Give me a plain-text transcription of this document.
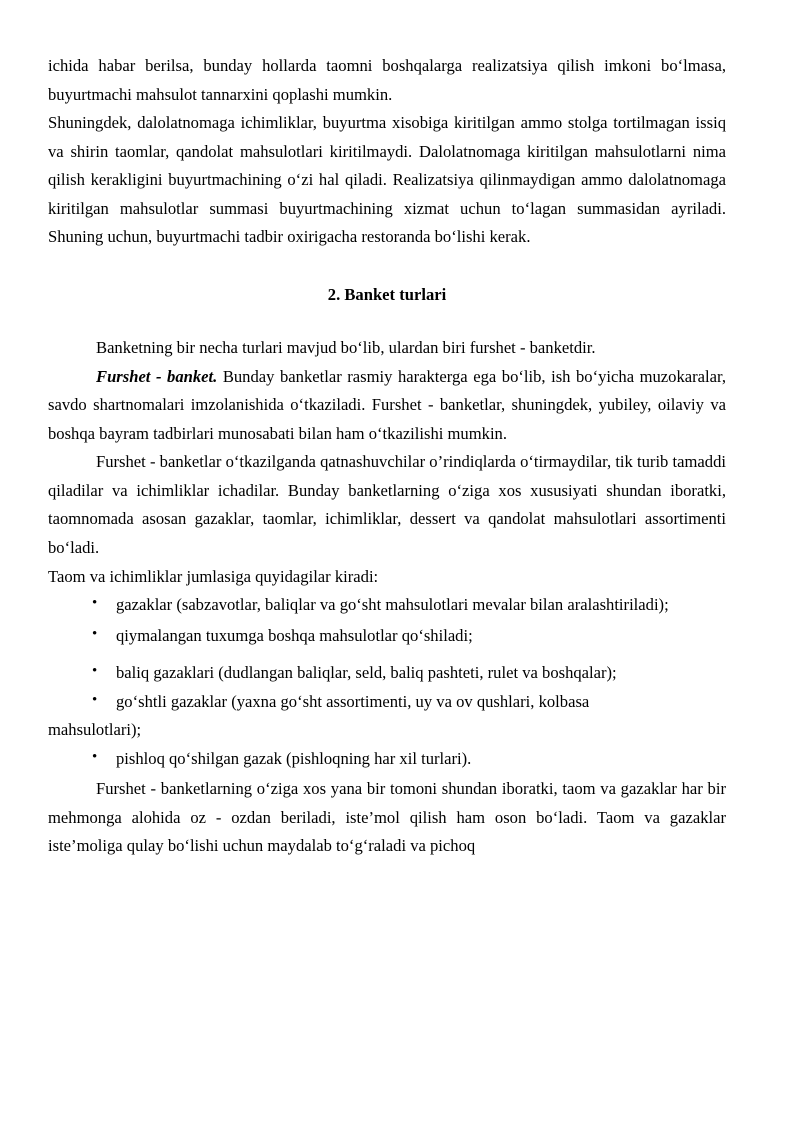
ichida habar berilsa, bunday hollarda taomni boshqalarga realizatsiya qilish imkoni bo‘lmasa, buyurtmachi mahsulot tannarxini qoplashi mumkin.

Shuningdek, dalolatnomaga ichimliklar, buyurtma xisobiga kiritilgan ammo stolga tortilmagan issiq va shirin taomlar, qandolat mahsulotlari kiritilmaydi. Dalolatnomaga kiritilgan mahsulotlarni nima qilish kerakligini buyurtmachining o‘zi hal qiladi. Realizatsiya qilinmaydigan ammo dalolatnomaga kiritilgan mahsulotlar summasi buyurtmachining xizmat uchun to‘lagan summasidan ayriladi. Shuning uchun, buyurtmachi tadbir oxirigacha restoranda bo‘lishi kerak.

2. Banket turlari

Banketning bir necha turlari mavjud bo‘lib, ulardan biri furshet - banketdir.

Furshet - banket. Bunday banketlar rasmiy harakterga ega bo‘lib, ish bo‘yicha muzokaralar, savdo shartnomalari imzolanishida o‘tkaziladi. Furshet - banketlar, shuningdek, yubiley, oilaviy va boshqa bayram tadbirlari munosabati bilan ham o‘tkazilishi mumkin.

Furshet - banketlar o‘tkazilganda qatnashuvchilar o’rindiqlarda o‘tirmaydilar, tik turib tamaddi qiladilar va ichimliklar ichadilar. Bunday banketlarning o‘ziga xos xususiyati shundan iboratki, taomnomada asosan gazaklar, taomlar, ichimliklar, dessert va qandolat mahsulotlari assortimenti bo‘ladi.

Taom va ichimliklar jumlasiga quyidagilar kiradi:

• gazaklar (sabzavotlar, baliqlar va go‘sht mahsulotlari mevalar bilan aralashtiriladi);
• qiymalangan tuxumga boshqa mahsulotlar qo‘shiladi;
• baliq gazaklari (dudlangan baliqlar, seld, baliq pashteti, rulet va boshqalar);
• go‘shtli gazaklar (yaxna go‘sht assortimenti, uy va ov qushlari, kolbasa

mahsulotlari);

• pishloq qo‘shilgan gazak (pishloqning har xil turlari).

Furshet - banketlarning o‘ziga xos yana bir tomoni shundan iboratki, taom va gazaklar har bir mehmonga alohida oz - ozdan beriladi, iste’mol qilish ham oson bo‘ladi. Taom va gazaklar iste’moliga qulay bo‘lishi uchun maydalab to‘g‘raladi va pichoq
